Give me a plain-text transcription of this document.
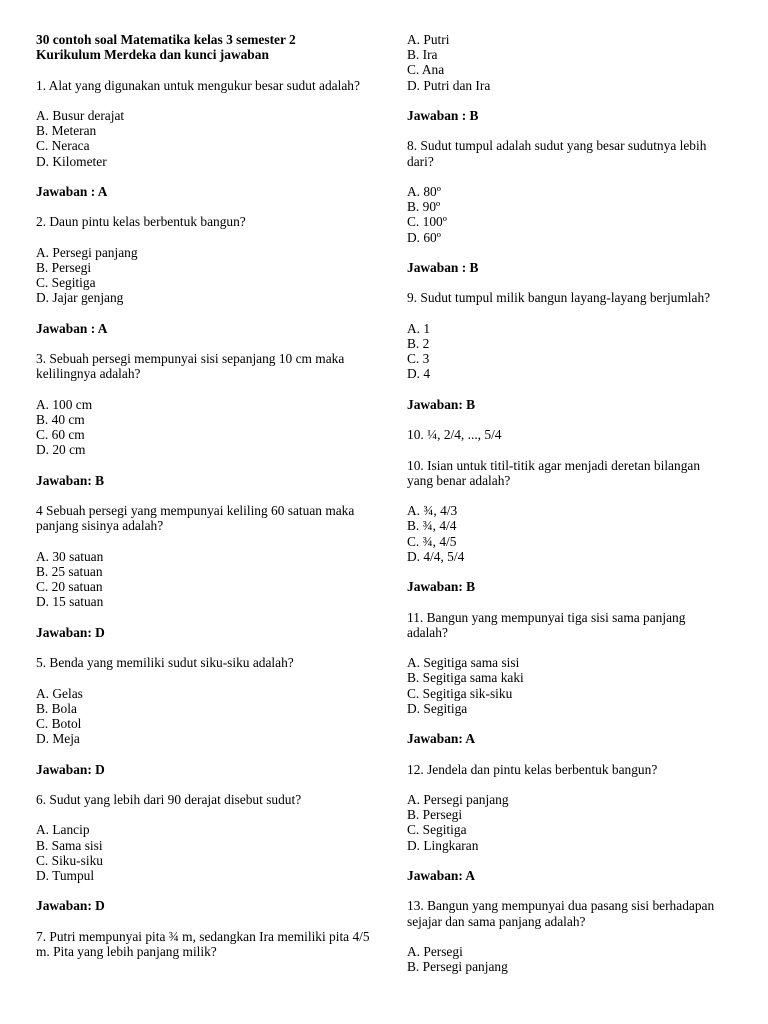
30 contoh soal Matematika kelas 3 semester 2

Kurikulum Merdeka dan kunci jawaban

1. Alat yang digunakan untuk mengukur besar sudut adalah?

A. Busur derajat

B. Meteran

C. Neraca

D. Kilometer

Jawaban : A

2. Daun pintu kelas berbentuk bangun?

A. Persegi panjang

B. Persegi

C. Segitiga

D. Jajar genjang

Jawaban : A

3. Sebuah persegi mempunyai sisi sepanjang 10 cm maka kelilingnya adalah?

A. 100 cm

B. 40 cm

C. 60 cm

D. 20 cm

Jawaban: B

4 Sebuah persegi yang mempunyai keliling 60 satuan maka panjang sisinya adalah?

A. 30 satuan

B. 25 satuan

C. 20 satuan

D. 15 satuan

Jawaban: D

5. Benda yang memiliki sudut siku-siku adalah?

A. Gelas

B. Bola

C. Botol

D. Meja

Jawaban: D

6. Sudut yang lebih dari 90 derajat disebut sudut?

A. Lancip

B. Sama sisi

C. Siku-siku

D. Tumpul

Jawaban: D

7. Putri mempunyai pita ¾ m, sedangkan Ira memiliki pita 4/5 m. Pita yang lebih panjang milik?

A. Putri

B. Ira

C. Ana

D. Putri dan Ira

Jawaban : B

8. Sudut tumpul adalah sudut yang besar sudutnya lebih dari?

A. 80º

B. 90º

C. 100º

D. 60º

Jawaban : B

9. Sudut tumpul milik bangun layang-layang berjumlah?

A. 1

B. 2

C. 3

D. 4

Jawaban: B

10. ¼, 2/4, ..., 5/4

10. Isian untuk titil-titik agar menjadi deretan bilangan yang benar adalah?

A. ¾, 4/3

B. ¾, 4/4

C. ¾, 4/5

D. 4/4, 5/4

Jawaban: B

11. Bangun yang mempunyai tiga sisi sama panjang adalah?

A. Segitiga sama sisi

B. Segitiga sama kaki

C. Segitiga sik-siku

D. Segitiga

Jawaban: A

12. Jendela dan pintu kelas berbentuk bangun?

A. Persegi panjang

B. Persegi

C. Segitiga

D. Lingkaran

Jawaban: A

13. Bangun yang mempunyai dua pasang sisi berhadapan sejajar dan sama panjang adalah?

A. Persegi

B. Persegi panjang
